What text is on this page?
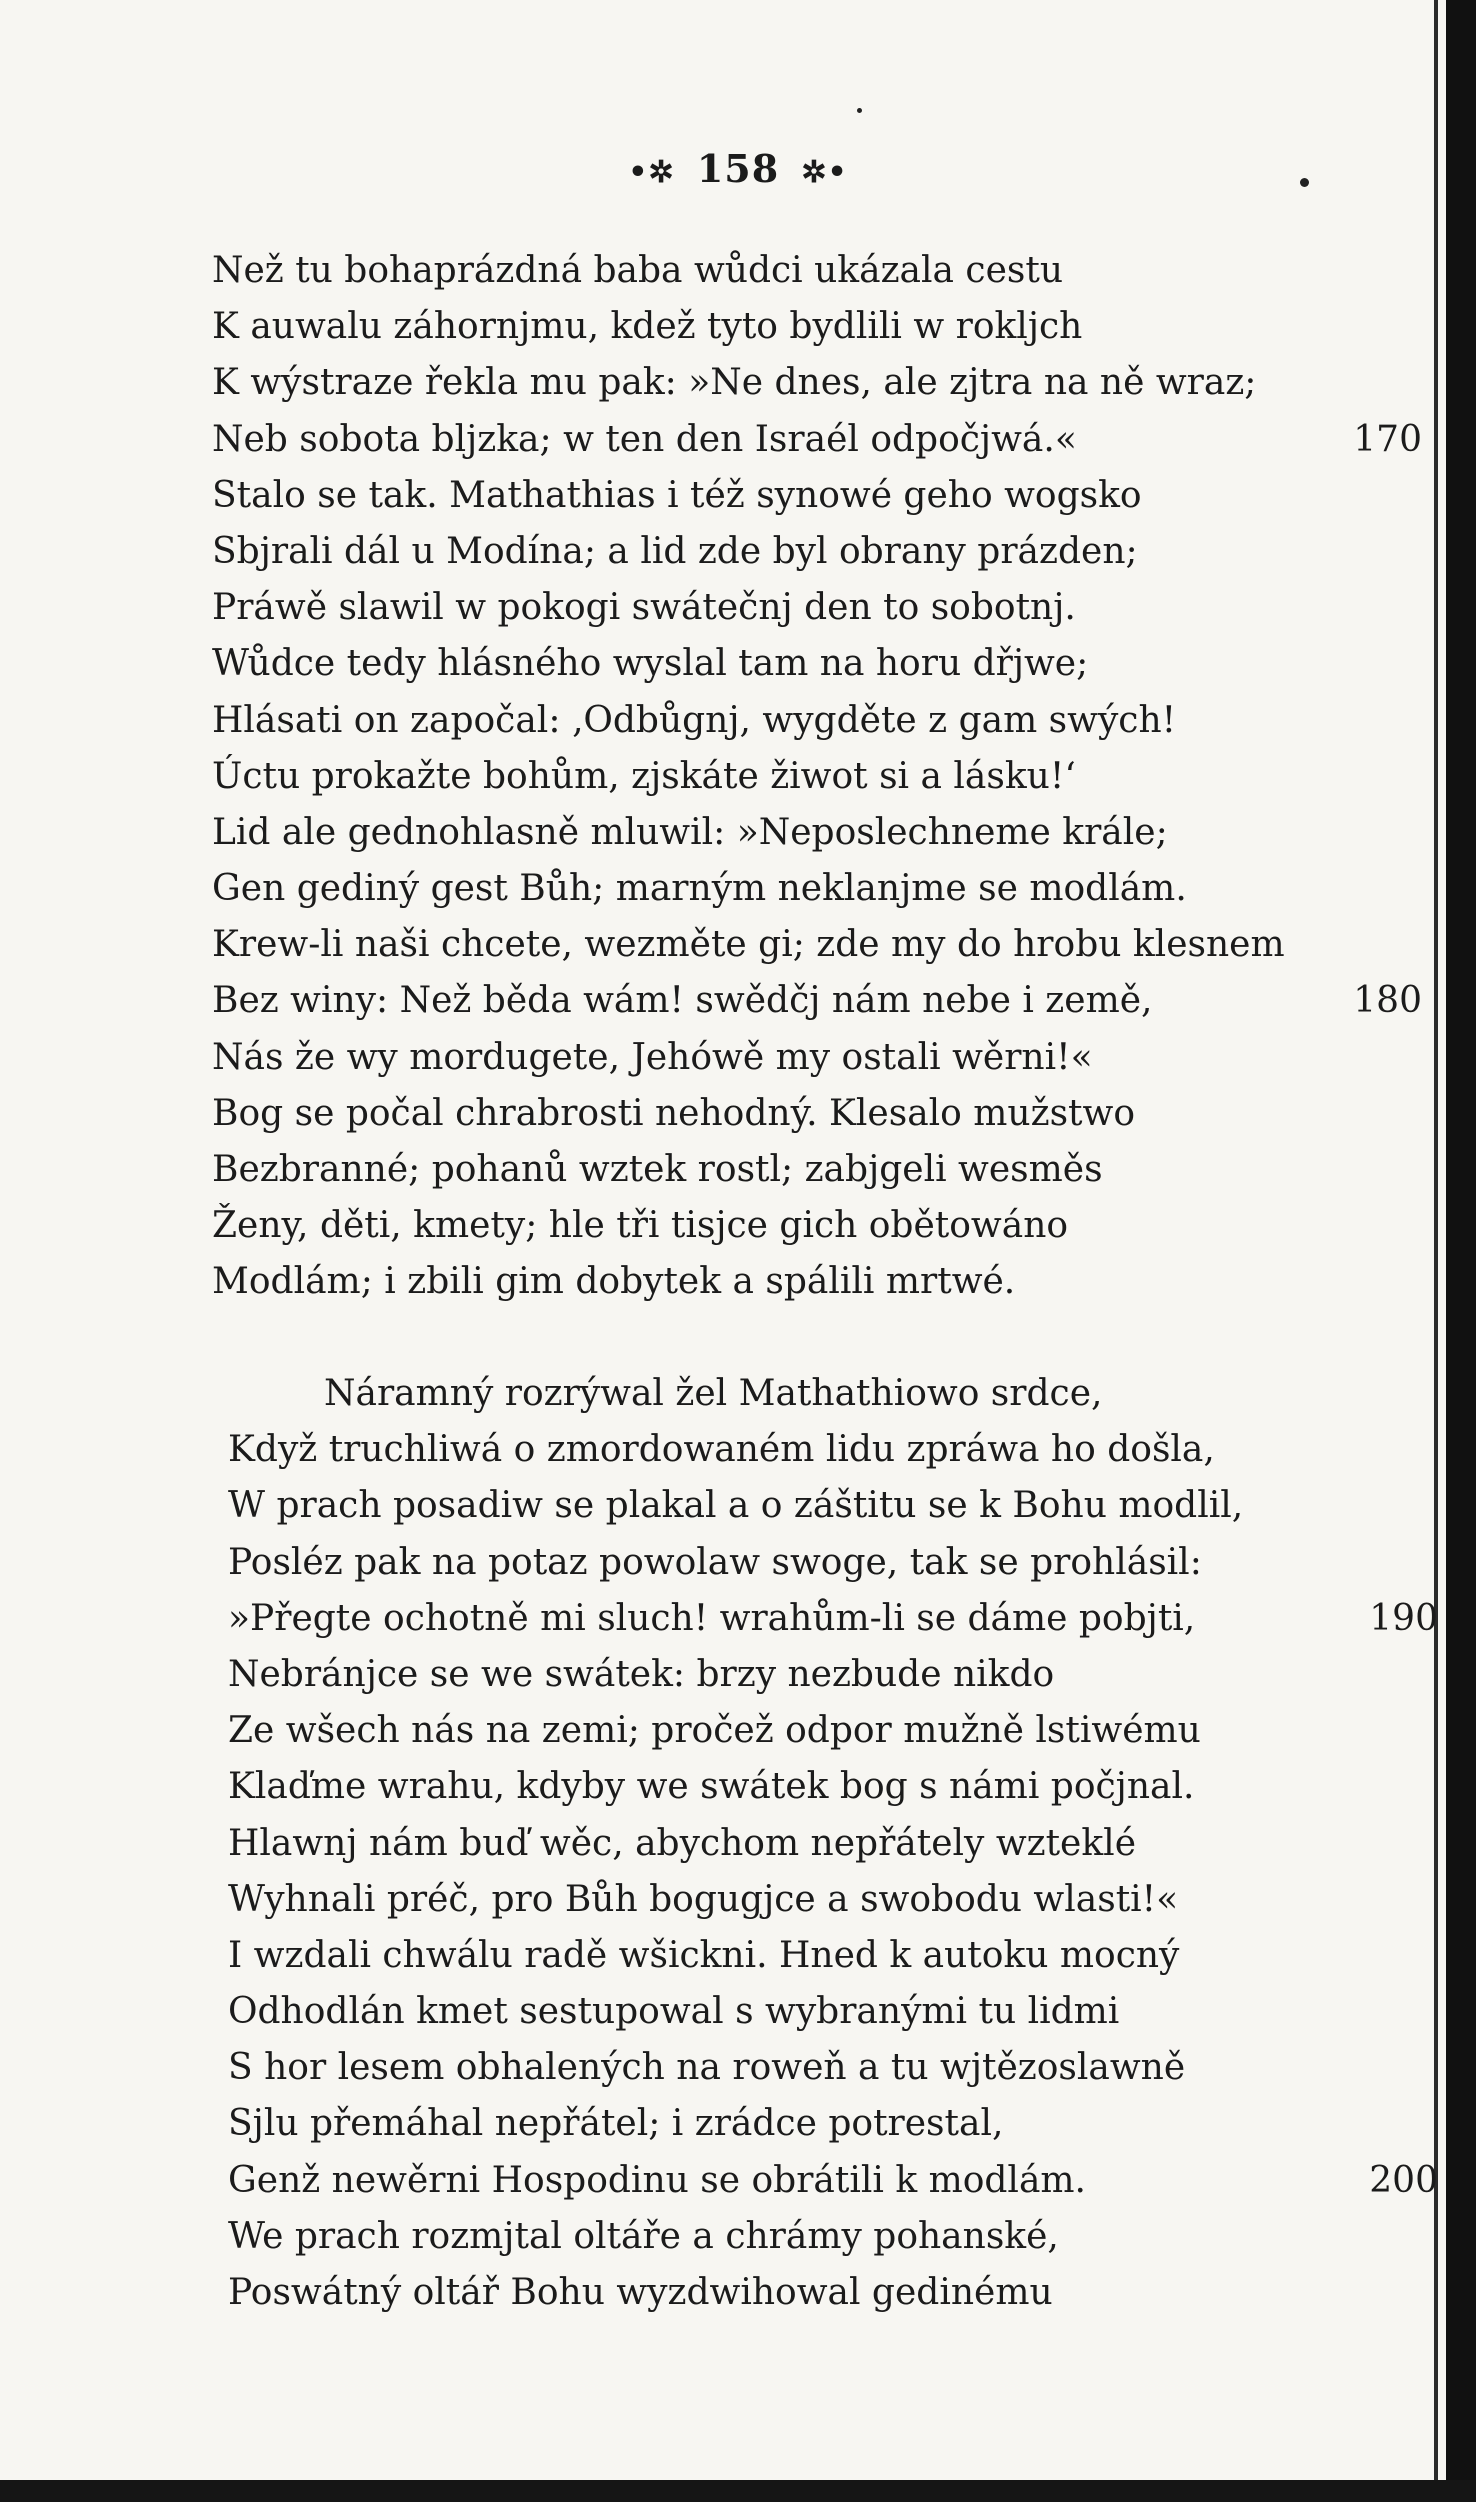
•✲ 158 ✲•
Než tu bohaprázdná baba wůdci ukázala cestu
K auwalu záhornjmu, kdež tyto bydlili w rokljch
K wýstraze řekla mu pak: »Ne dnes, ale zjtra na ně wraz;
Neb sobota bljzka; w ten den Israél odpočjwá.«	170
Stalo se tak. Mathathias i též synowé geho wogsko
Sbjrali dál u Modína; a lid zde byl obrany prázden;
Práwě slawil w pokogi swátečnj den to sobotnj.
Wůdce tedy hlásného wyslal tam na horu dřjwe;
Hlásati on započal: ‚Odbůgnj, wygděte z gam swých!
Úctu prokažte bohům, zjskáte žiwot si a lásku!‘
Lid ale gednohlasně mluwil: »Neposlechneme krále;
Gen gediný gest Bůh; marným neklanjme se modlám.
Krew-li naši chcete, wezměte gi; zde my do hrobu klesnem
Bez winy: Než běda wám! swědčj nám nebe i země,	180
Nás že wy mordugete, Jehówě my ostali wěrni!«
Bog se počal chrabrosti nehodný. Klesalo mužstwo
Bezbranné; pohanů wztek rostl; zabjgeli wesměs
Ženy, děti, kmety; hle tři tisjce gich obětowáno
Modlám; i zbili gim dobytek a spálili mrtwé.
Náramný rozrýwal žel Mathathiowo srdce,
Když truchliwá o zmordowaném lidu zpráwa ho došla,
W prach posadiw se plakal a o záštitu se k Bohu modlil,
Posléz pak na potaz powolaw swoge, tak se prohlásil:
»Přegte ochotně mi sluch! wrahům-li se dáme pobjti,	190
Nebránjce se we swátek: brzy nezbude nikdo
Ze wšech nás na zemi; pročež odpor mužně lstiwému
Klaďme wrahu, kdyby we swátek bog s námi počjnal.
Hlawnj nám buď wěc, abychom nepřátely wzteklé
Wyhnali préč, pro Bůh bogugjce a swobodu wlasti!«
I wzdali chwálu radě wšickni. Hned k autoku mocný
Odhodlán kmet sestupowal s wybranými tu lidmi
S hor lesem obhalených na roweň a tu wjtězoslawně
Sjlu přemáhal nepřátel; i zrádce potrestal,
Genž newěrni Hospodinu se obrátili k modlám.	200
We prach rozmjtal oltáře a chrámy pohanské,
Poswátný oltář Bohu wyzdwihowal gedinému
